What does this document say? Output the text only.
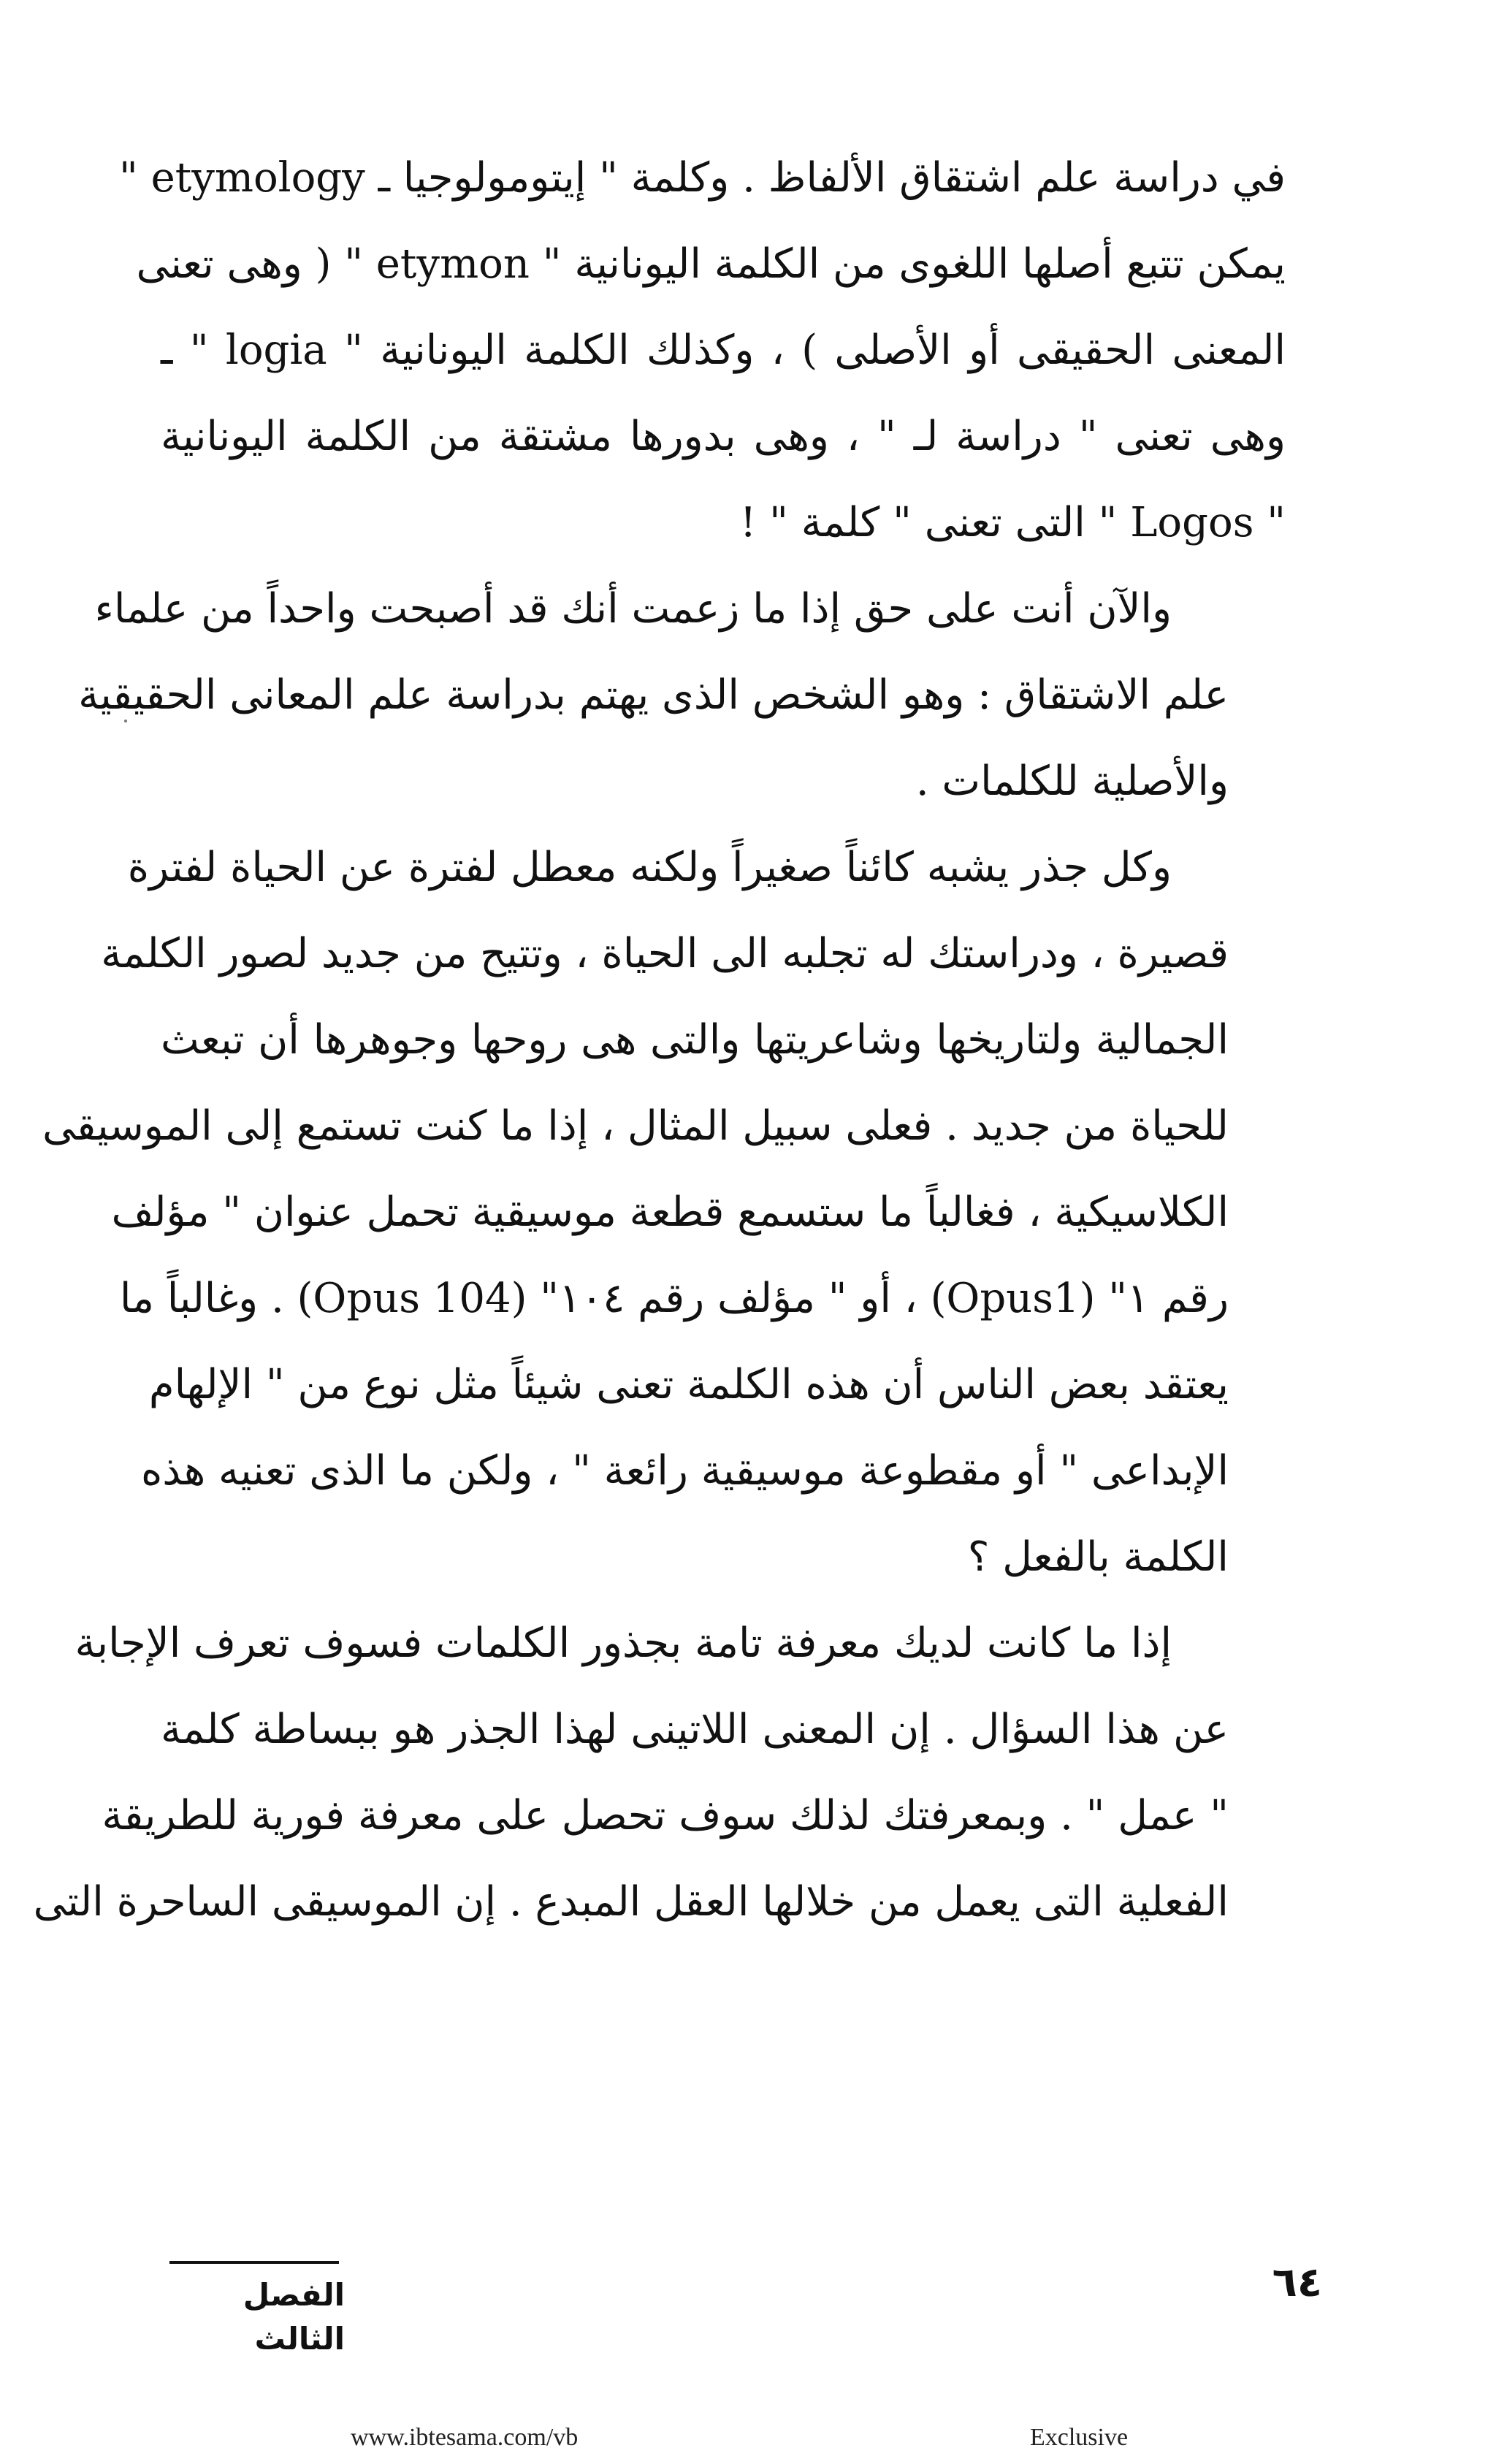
في دراسة علم اشتقاق الألفاظ . وكلمة " إيتومولوجيا ـ etymology "
يمكن تتبع أصلها اللغوى من الكلمة اليونانية " etymon " ( وهى تعنى
المعنى الحقيقى أو الأصلى ) ، وكذلك الكلمة اليونانية " logia " ـ
وهى تعنى " دراسة لـ " ، وهى بدورها مشتقة من الكلمة اليونانية
" Logos " التى تعنى " كلمة " !
والآن أنت على حق إذا ما زعمت أنك قد أصبحت واحداً من علماء
علم الاشتقاق : وهو الشخص الذى يهتم بدراسة علم المعانى الحقيقية
والأصلية للكلمات .
وكل جذر يشبه كائناً صغيراً ولكنه معطل لفترة عن الحياة لفترة
قصيرة ، ودراستك له تجلبه الى الحياة ، وتتيح من جديد لصور الكلمة
الجمالية ولتاريخها وشاعريتها والتى هى روحها وجوهرها أن تبعث
للحياة من جديد . فعلى سبيل المثال ، إذا ما كنت تستمع إلى الموسيقى
الكلاسيكية ، فغالباً ما ستسمع قطعة موسيقية تحمل عنوان " مؤلف
رقم ١" (Opus1) ، أو " مؤلف رقم ١٠٤" (Opus 104) . وغالباً ما
يعتقد بعض الناس أن هذه الكلمة تعنى شيئاً مثل نوع من " الإلهام
الإبداعى " أو مقطوعة موسيقية رائعة " ، ولكن ما الذى تعنيه هذه
الكلمة بالفعل ؟
إذا ما كانت لديك معرفة تامة بجذور الكلمات فسوف تعرف الإجابة
عن هذا السؤال . إن المعنى اللاتينى لهذا الجذر هو ببساطة كلمة
" عمل " . وبمعرفتك لذلك سوف تحصل على معرفة فورية للطريقة
الفعلية التى يعمل من خلالها العقل المبدع . إن الموسيقى الساحرة التى
الفصل الثالث
٦٤
www.ibtesama.com/vb	Exclusive
